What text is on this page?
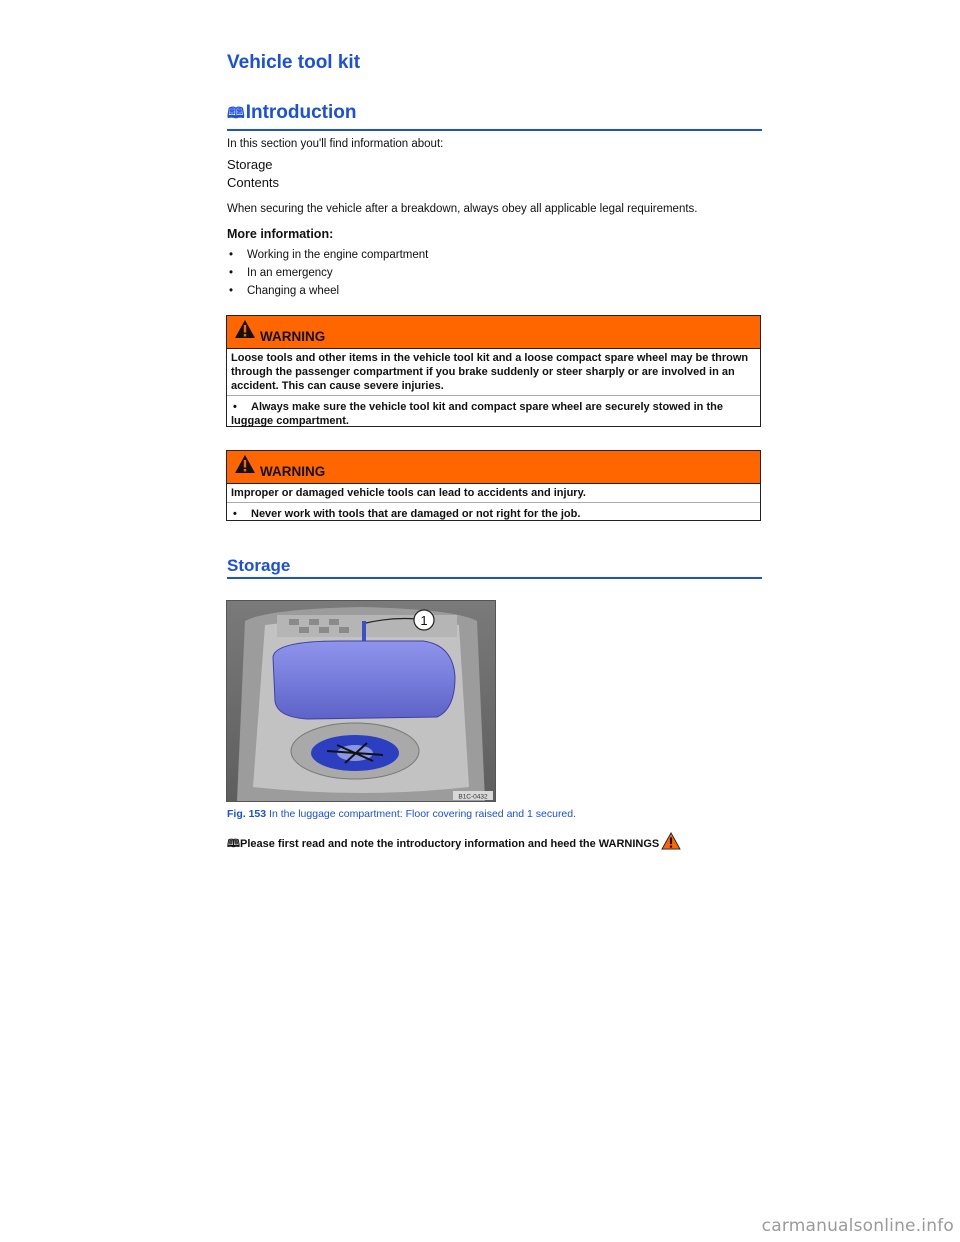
Vehicle tool kit
🕮Introduction

In this section you'll find information about:

Storage

Contents

When securing the vehicle after a breakdown, always obey all applicable legal requirements.

More information:

• Working in the engine compartment
• In an emergency
• Changing a wheel
WARNING
Loose tools and other items in the vehicle tool kit and a loose compact spare wheel may be thrown through the passenger compartment if you brake suddenly or steer sharply or are involved in an accident. This can cause severe injuries.
• Always make sure the vehicle tool kit and compact spare wheel are securely stowed in the luggage compartment.
WARNING
Improper or damaged vehicle tools can lead to accidents and injury.
• Never work with tools that are damaged or not right for the job.
Storage
1
B1C-0432

Fig. 153 In the luggage compartment: Floor covering raised and 1 secured.

🕮Please first read and note the introductory information and heed the WARNINGS

carmanualsonline.info
